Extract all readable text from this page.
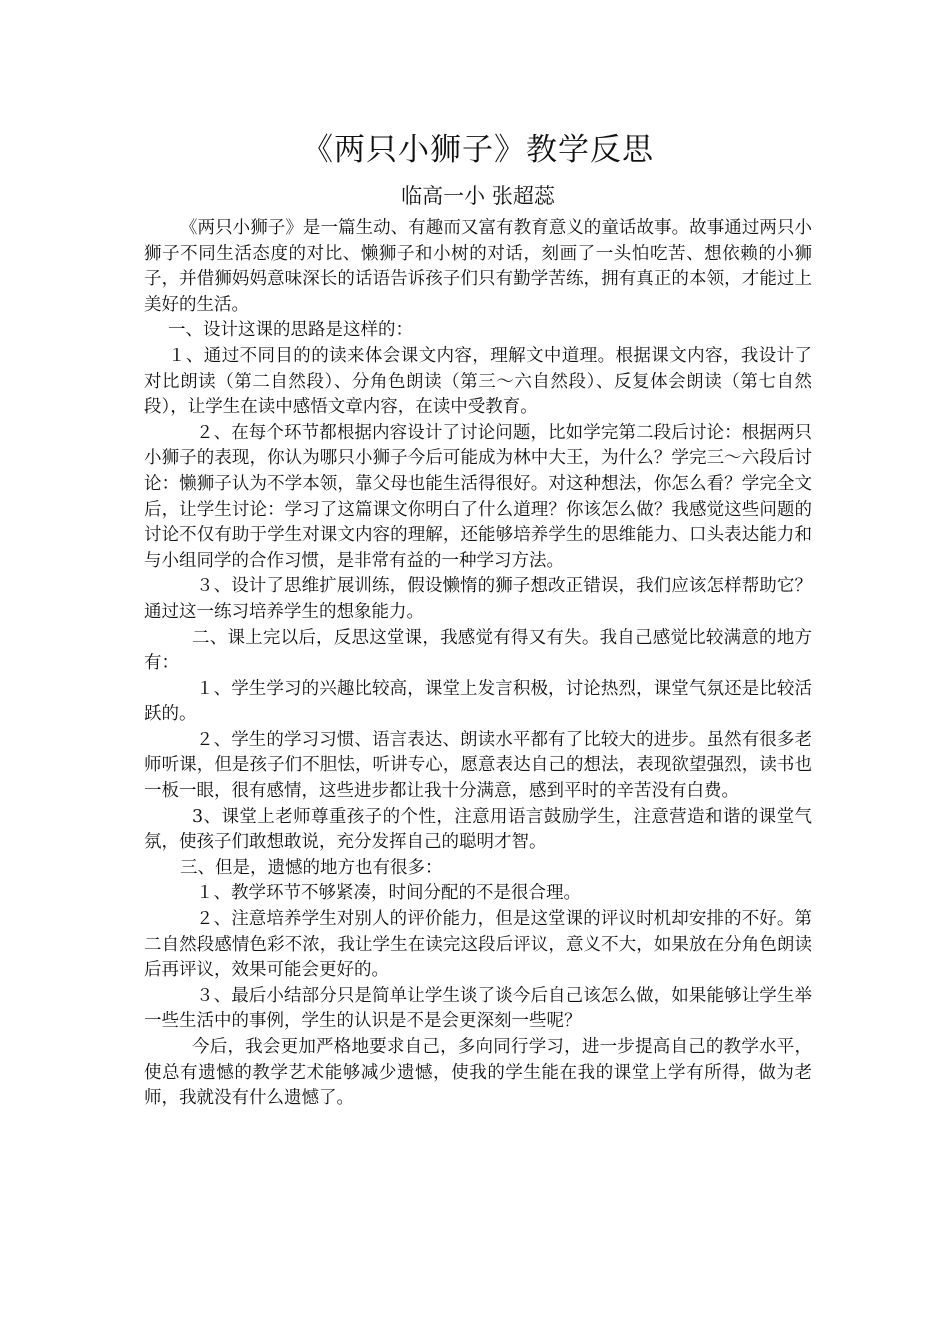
《两只小狮子》教学反思
临高一小 张超蕊

《两只小狮子》是一篇生动、有趣而又富有教育意义的童话故事。故事通过两只小狮子不同生活态度的对比、懒狮子和小树的对话，刻画了一头怕吃苦、想依赖的小狮子，并借狮妈妈意味深长的话语告诉孩子们只有勤学苦练，拥有真正的本领，才能过上美好的生活。

一、设计这课的思路是这样的：

１、通过不同目的的读来体会课文内容，理解文中道理。根据课文内容，我设计了对比朗读（第二自然段）、分角色朗读（第三～六自然段）、反复体会朗读（第七自然段），让学生在读中感悟文章内容，在读中受教育。

２、在每个环节都根据内容设计了讨论问题，比如学完第二段后讨论：根据两只小狮子的表现，你认为哪只小狮子今后可能成为林中大王，为什么？学完三～六段后讨论：懒狮子认为不学本领，靠父母也能生活得很好。对这种想法，你怎么看？学完全文后，让学生讨论：学习了这篇课文你明白了什么道理？你该怎么做？我感觉这些问题的讨论不仅有助于学生对课文内容的理解，还能够培养学生的思维能力、口头表达能力和与小组同学的合作习惯，是非常有益的一种学习方法。

３、设计了思维扩展训练，假设懒惰的狮子想改正错误，我们应该怎样帮助它？通过这一练习培养学生的想象能力。

二、课上完以后，反思这堂课，我感觉有得又有失。我自己感觉比较满意的地方有：

１、学生学习的兴趣比较高，课堂上发言积极，讨论热烈，课堂气氛还是比较活跃的。

２、学生的学习习惯、语言表达、朗读水平都有了比较大的进步。虽然有很多老师听课，但是孩子们不胆怯，听讲专心，愿意表达自己的想法，表现欲望强烈，读书也一板一眼，很有感情，这些进步都让我十分满意，感到平时的辛苦没有白费。

3、课堂上老师尊重孩子的个性，注意用语言鼓励学生，注意营造和谐的课堂气氛，使孩子们敢想敢说，充分发挥自己的聪明才智。

三、但是，遗憾的地方也有很多：

１、教学环节不够紧凑，时间分配的不是很合理。

２、注意培养学生对别人的评价能力，但是这堂课的评议时机却安排的不好。第二自然段感情色彩不浓，我让学生在读完这段后评议，意义不大，如果放在分角色朗读后再评议，效果可能会更好的。

３、最后小结部分只是简单让学生谈了谈今后自己该怎么做，如果能够让学生举一些生活中的事例，学生的认识是不是会更深刻一些呢？

今后，我会更加严格地要求自己，多向同行学习，进一步提高自己的教学水平，使总有遗憾的教学艺术能够减少遗憾，使我的学生能在我的课堂上学有所得，做为老师，我就没有什么遗憾了。
